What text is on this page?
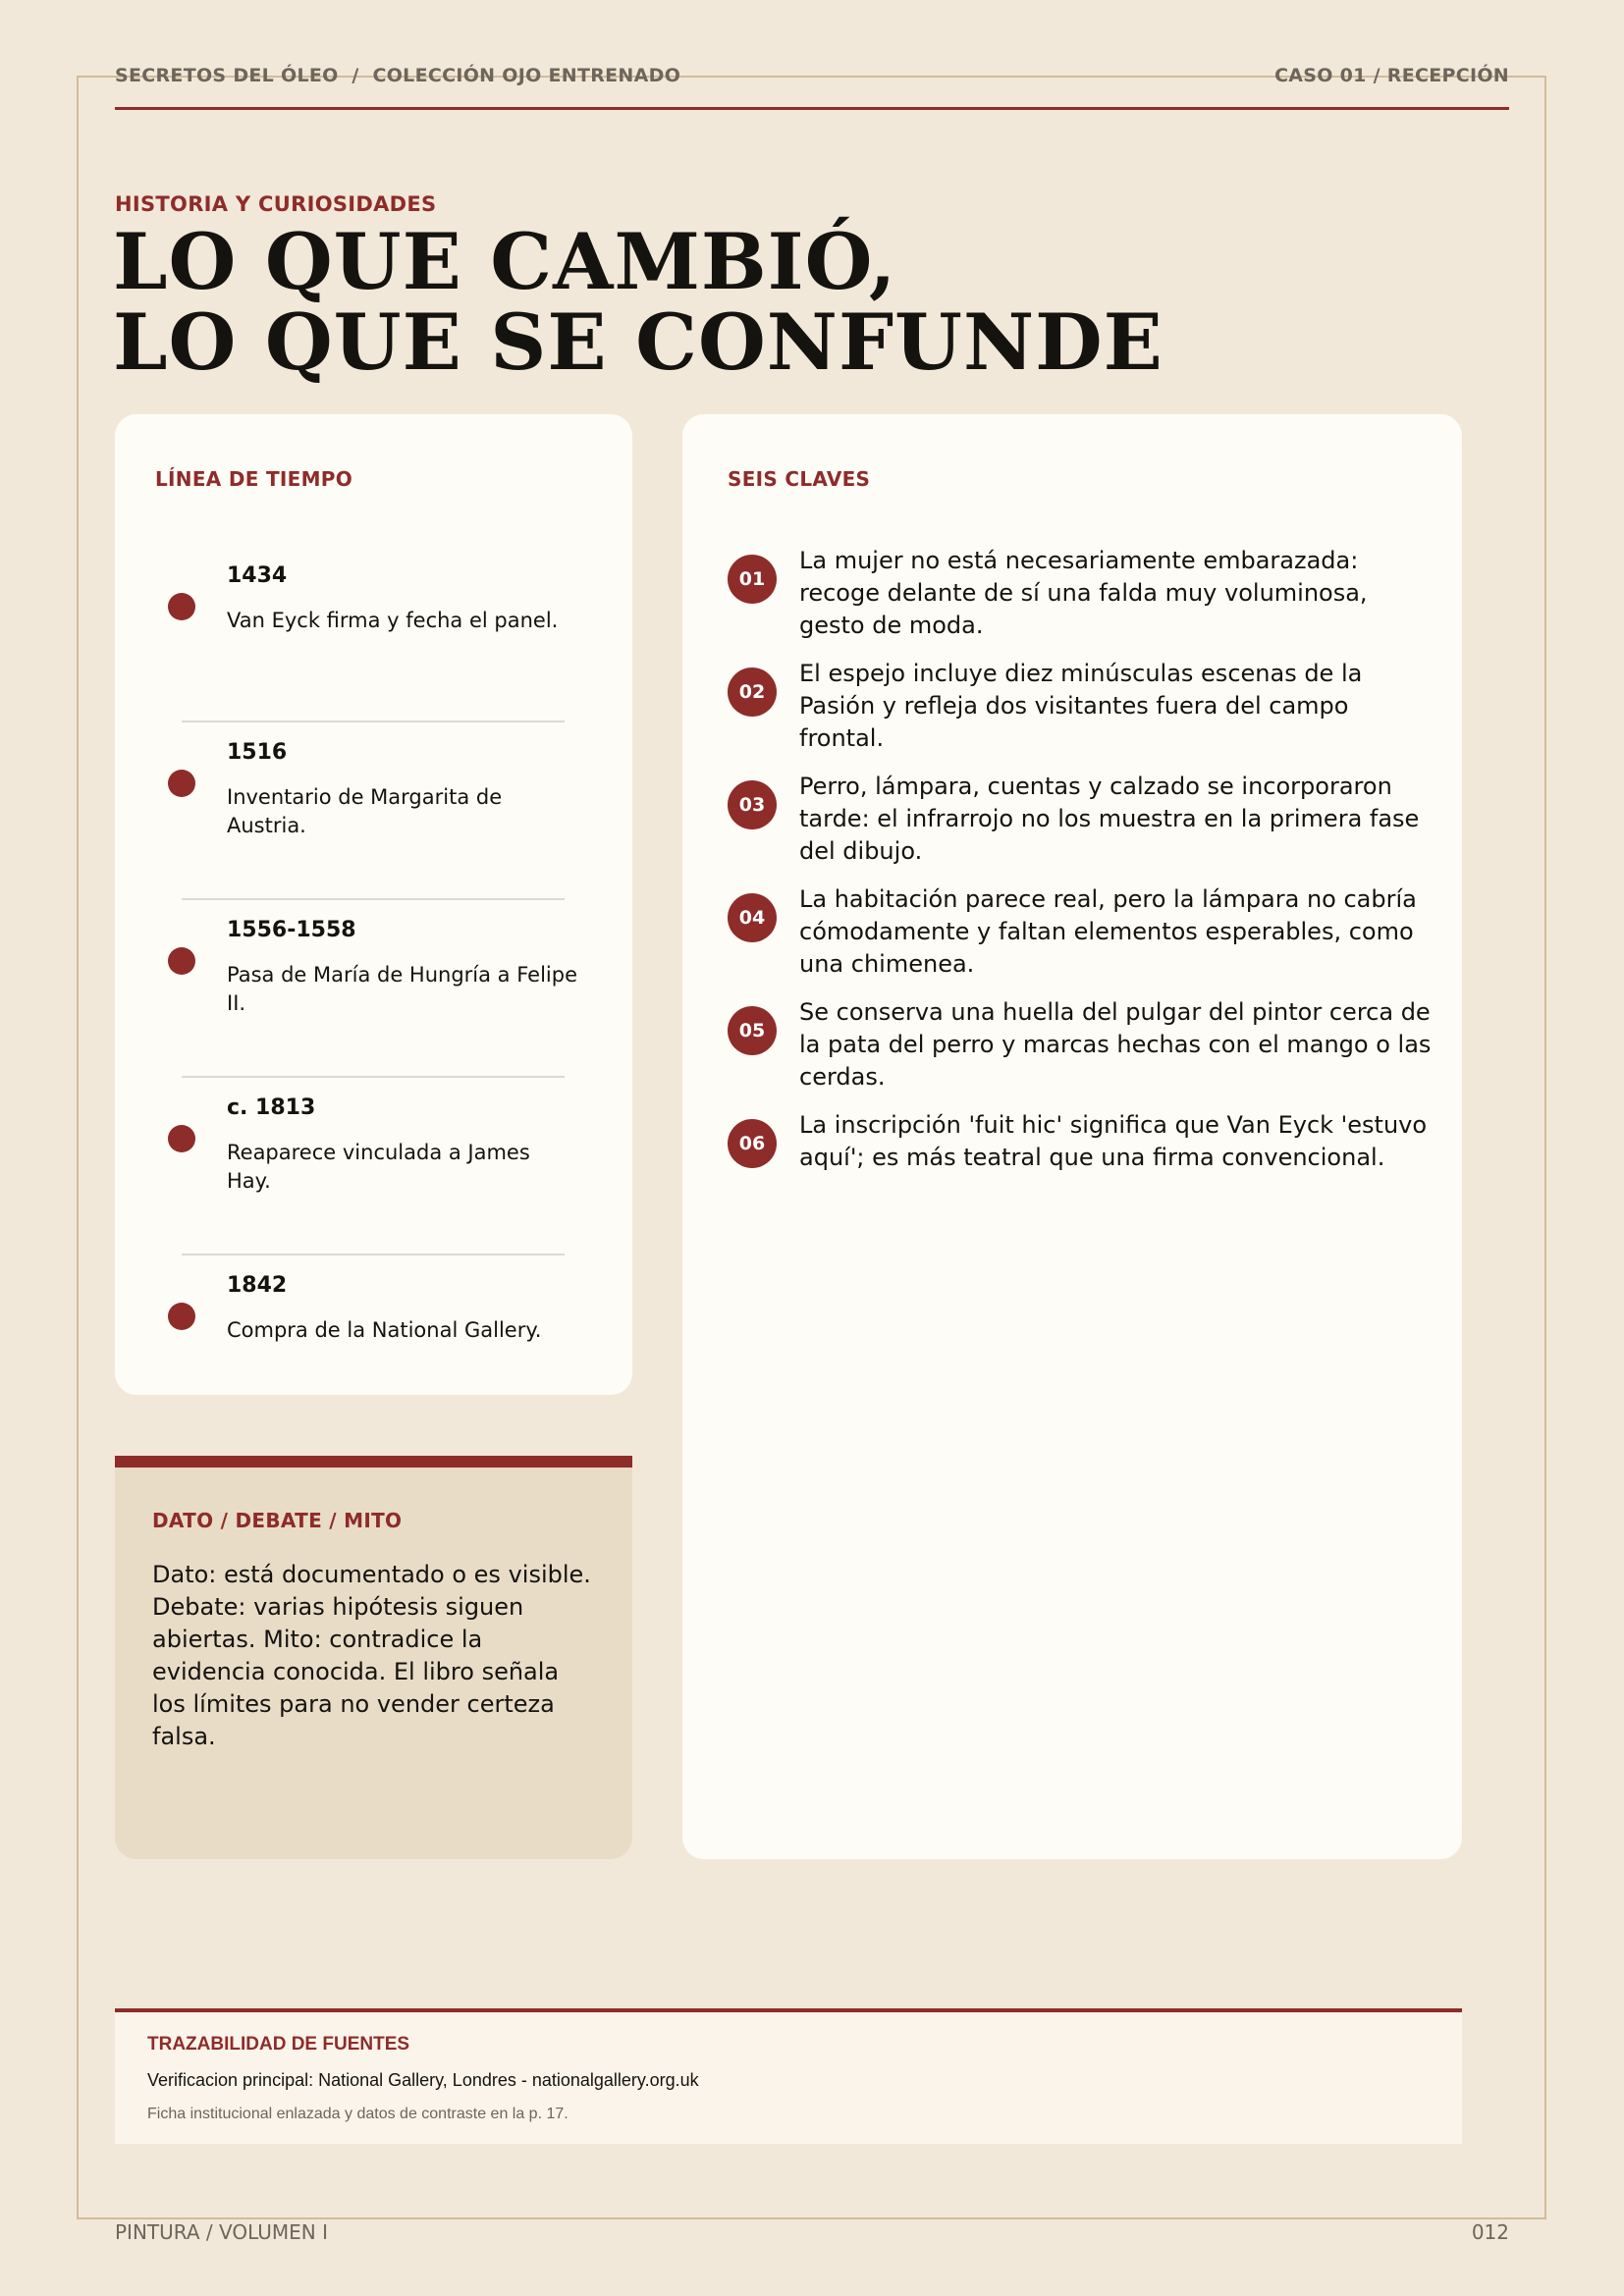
SECRETOS DEL ÓLEO  /  COLECCIÓN OJO ENTRENADO	CASO 01 / RECEPCIÓN
HISTORIA Y CURIOSIDADES
LO QUE CAMBIÓ,
LO QUE SE CONFUNDE
LÍNEA DE TIEMPO
1434
Van Eyck firma y fecha el panel.
1516
Inventario de Margarita de Austria.
1556-1558
Pasa de María de Hungría a Felipe II.
c. 1813
Reaparece vinculada a James Hay.
1842
Compra de la National Gallery.
SEIS CLAVES
01
La mujer no está necesariamente embarazada: recoge delante de sí una falda muy voluminosa, gesto de moda.
02
El espejo incluye diez minúsculas escenas de la Pasión y refleja dos visitantes fuera del campo frontal.
03
Perro, lámpara, cuentas y calzado se incorporaron tarde: el infrarrojo no los muestra en la primera fase del dibujo.
04
La habitación parece real, pero la lámpara no cabría cómodamente y faltan elementos esperables, como una chimenea.
05
Se conserva una huella del pulgar del pintor cerca de la pata del perro y marcas hechas con el mango o las cerdas.
06
La inscripción 'fuit hic' significa que Van Eyck 'estuvo aquí'; es más teatral que una firma convencional.
DATO / DEBATE / MITO
Dato: está documentado o es visible. Debate: varias hipótesis siguen abiertas. Mito: contradice la evidencia conocida. El libro señala los límites para no vender certeza falsa.
TRAZABILIDAD DE FUENTES
Verificacion principal: National Gallery, Londres - nationalgallery.org.uk
Ficha institucional enlazada y datos de contraste en la p. 17.
PINTURA / VOLUMEN I	012
